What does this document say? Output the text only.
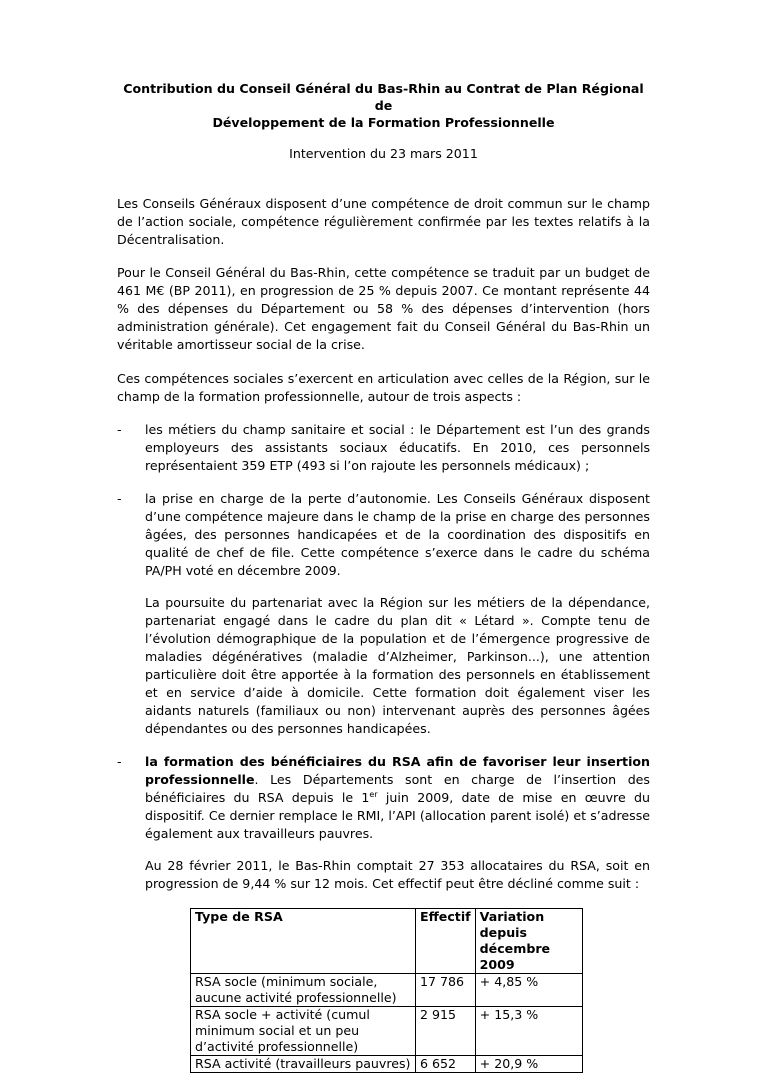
Contribution du Conseil Général du Bas-Rhin au Contrat de Plan Régional de
Développement de la Formation Professionnelle

Intervention du 23 mars 2011

Les Conseils Généraux disposent d’une compétence de droit commun sur le champ de l’action sociale, compétence régulièrement confirmée par les textes relatifs à la Décentralisation.

Pour le Conseil Général du Bas-Rhin, cette compétence se traduit par un budget de 461 M€ (BP 2011), en progression de 25 % depuis 2007. Ce montant représente 44 % des dépenses du Département ou 58 % des dépenses d’intervention (hors administration générale). Cet engagement fait du Conseil Général du Bas-Rhin un véritable amortisseur social de la crise.

Ces compétences sociales s’exercent en articulation avec celles de la Région, sur le champ de la formation professionnelle, autour de trois aspects :

- les métiers du champ sanitaire et social : le Département est l’un des grands employeurs des assistants sociaux éducatifs. En 2010, ces personnels représentaient 359 ETP (493 si l’on rajoute les personnels médicaux) ;
- la prise en charge de la perte d’autonomie. Les Conseils Généraux disposent d’une compétence majeure dans le champ de la prise en charge des personnes âgées, des personnes handicapées et de la coordination des dispositifs en qualité de chef de file. Cette compétence s’exerce dans le cadre du schéma PA/PH voté en décembre 2009.
La poursuite du partenariat avec la Région sur les métiers de la dépendance, partenariat engagé dans le cadre du plan dit « Létard ». Compte tenu de l’évolution démographique de la population et de l’émergence progressive de maladies dégénératives (maladie d’Alzheimer, Parkinson...), une attention particulière doit être apportée à la formation des personnels en établissement et en service d’aide à domicile. Cette formation doit également viser les aidants naturels (familiaux ou non) intervenant auprès des personnes âgées dépendantes ou des personnes handicapées.
- la formation des bénéficiaires du RSA afin de favoriser leur insertion professionnelle. Les Départements sont en charge de l’insertion des bénéficiaires du RSA depuis le 1er juin 2009, date de mise en œuvre du dispositif. Ce dernier remplace le RMI, l’API (allocation parent isolé) et s’adresse également aux travailleurs pauvres.
Au 28 février 2011, le Bas-Rhin comptait 27 353 allocataires du RSA, soit en progression de 9,44 % sur 12 mois. Cet effectif peut être décliné comme suit :
Type de RSA	Effectif	Variation depuis décembre 2009
RSA socle (minimum sociale, aucune activité professionnelle)	17 786	+ 4,85 %
RSA socle + activité (cumul minimum social et un peu d’activité professionnelle)	2 915	+ 15,3 %
RSA activité (travailleurs pauvres)	6 652	+ 20,9 %
